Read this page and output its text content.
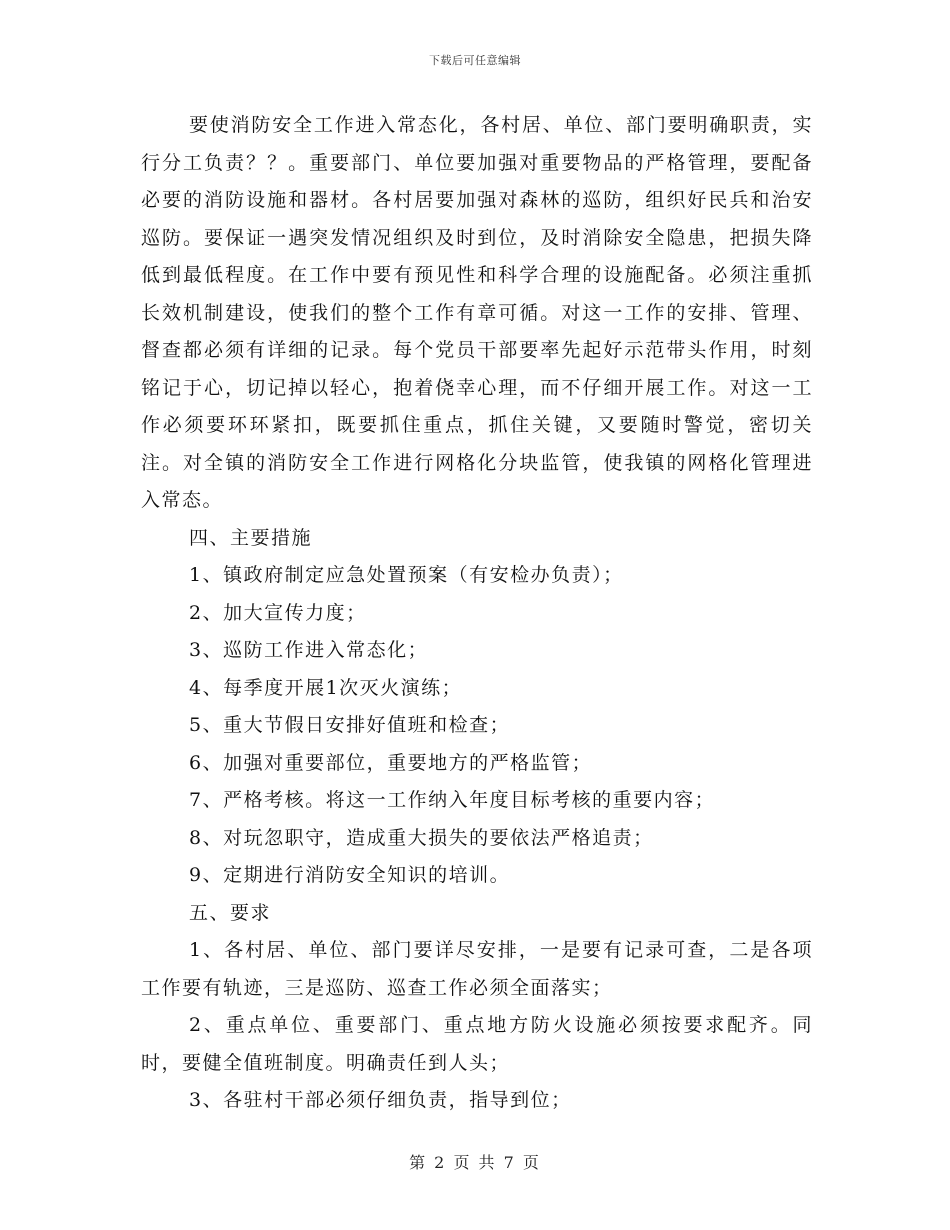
下载后可任意编辑

要使消防安全工作进入常态化，各村居、单位、部门要明确职责，实行分工负责？？。重要部门、单位要加强对重要物品的严格管理，要配备必要的消防设施和器材。各村居要加强对森林的巡防，组织好民兵和治安巡防。要保证一遇突发情况组织及时到位，及时消除安全隐患，把损失降低到最低程度。在工作中要有预见性和科学合理的设施配备。必须注重抓长效机制建设，使我们的整个工作有章可循。对这一工作的安排、管理、督查都必须有详细的记录。每个党员干部要率先起好示范带头作用，时刻铭记于心，切记掉以轻心，抱着侥幸心理，而不仔细开展工作。对这一工作必须要环环紧扣，既要抓住重点，抓住关键，又要随时警觉，密切关注。对全镇的消防安全工作进行网格化分块监管，使我镇的网格化管理进入常态。

四、主要措施

1、镇政府制定应急处置预案（有安检办负责）；

2、加大宣传力度；

3、巡防工作进入常态化；

4、每季度开展1次灭火演练；

5、重大节假日安排好值班和检查；

6、加强对重要部位，重要地方的严格监管；

7、严格考核。将这一工作纳入年度目标考核的重要内容；

8、对玩忽职守，造成重大损失的要依法严格追责；

9、定期进行消防安全知识的培训。

五、要求

1、各村居、单位、部门要详尽安排，一是要有记录可查，二是各项工作要有轨迹，三是巡防、巡查工作必须全面落实；

2、重点单位、重要部门、重点地方防火设施必须按要求配齐。同时，要健全值班制度。明确责任到人头；

3、各驻村干部必须仔细负责，指导到位；

第 2 页 共 7 页
